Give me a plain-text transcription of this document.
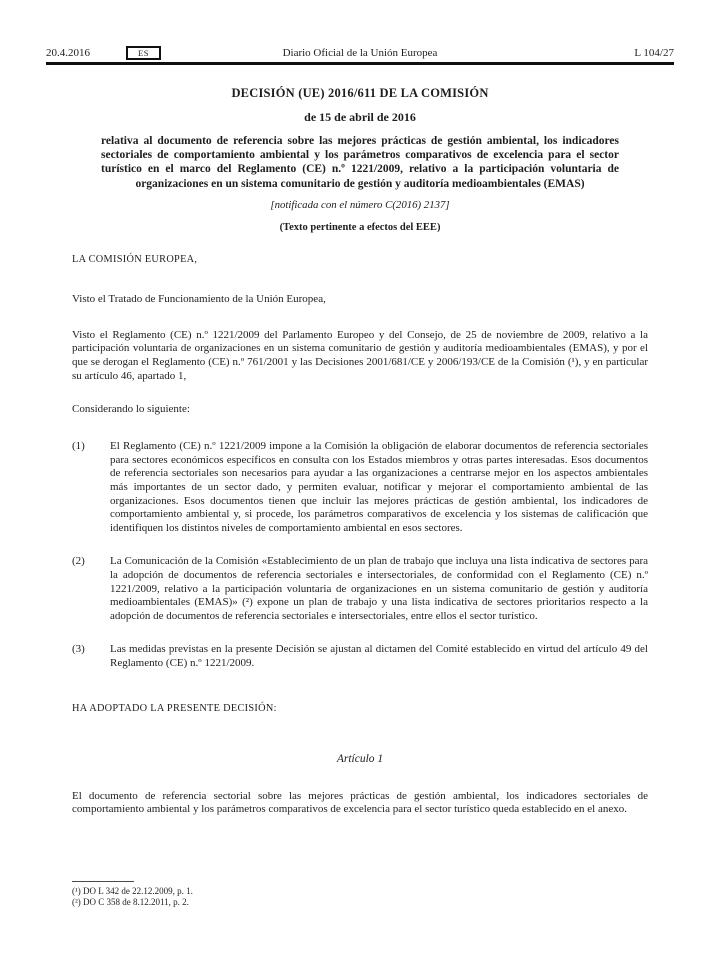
20.4.2016	ES	Diario Oficial de la Unión Europea	L 104/27
DECISIÓN (UE) 2016/611 DE LA COMISIÓN
de 15 de abril de 2016
relativa al documento de referencia sobre las mejores prácticas de gestión ambiental, los indicadores sectoriales de comportamiento ambiental y los parámetros comparativos de excelencia para el sector turístico en el marco del Reglamento (CE) n.º 1221/2009, relativo a la participación voluntaria de organizaciones en un sistema comunitario de gestión y auditoría medioambientales (EMAS)
[notificada con el número C(2016) 2137]
(Texto pertinente a efectos del EEE)
LA COMISIÓN EUROPEA,
Visto el Tratado de Funcionamiento de la Unión Europea,
Visto el Reglamento (CE) n.º 1221/2009 del Parlamento Europeo y del Consejo, de 25 de noviembre de 2009, relativo a la participación voluntaria de organizaciones en un sistema comunitario de gestión y auditoría medioambientales (EMAS), y por el que se derogan el Reglamento (CE) n.º 761/2001 y las Decisiones 2001/681/CE y 2006/193/CE de la Comisión (¹), y en particular su artículo 46, apartado 1,
Considerando lo siguiente:
(1)	El Reglamento (CE) n.º 1221/2009 impone a la Comisión la obligación de elaborar documentos de referencia sectoriales para sectores económicos específicos en consulta con los Estados miembros y otras partes interesadas. Esos documentos de referencia sectoriales son necesarios para ayudar a las organizaciones a centrarse mejor en los aspectos ambientales más importantes de un sector dado, y permiten evaluar, notificar y mejorar el comportamiento ambiental de las organizaciones. Esos documentos tienen que incluir las mejores prácticas de gestión ambiental, los indicadores de comportamiento ambiental y, si procede, los parámetros comparativos de excelencia y los sistemas de calificación que identifiquen los distintos niveles de comportamiento ambiental en esos sectores.
(2)	La Comunicación de la Comisión «Establecimiento de un plan de trabajo que incluya una lista indicativa de sectores para la adopción de documentos de referencia sectoriales e intersectoriales, de conformidad con el Reglamento (CE) n.º 1221/2009, relativo a la participación voluntaria de organizaciones en un sistema comunitario de gestión y auditoría medioambientales (EMAS)» (²) expone un plan de trabajo y una lista indicativa de sectores prioritarios respecto a la adopción de documentos de referencia sectoriales e intersectoriales, entre ellos el sector turístico.
(3)	Las medidas previstas en la presente Decisión se ajustan al dictamen del Comité establecido en virtud del artículo 49 del Reglamento (CE) n.º 1221/2009.
HA ADOPTADO LA PRESENTE DECISIÓN:
Artículo 1
El documento de referencia sectorial sobre las mejores prácticas de gestión ambiental, los indicadores sectoriales de comportamiento ambiental y los parámetros comparativos de excelencia para el sector turístico queda establecido en el anexo.
(¹) DO L 342 de 22.12.2009, p. 1.
(²) DO C 358 de 8.12.2011, p. 2.
